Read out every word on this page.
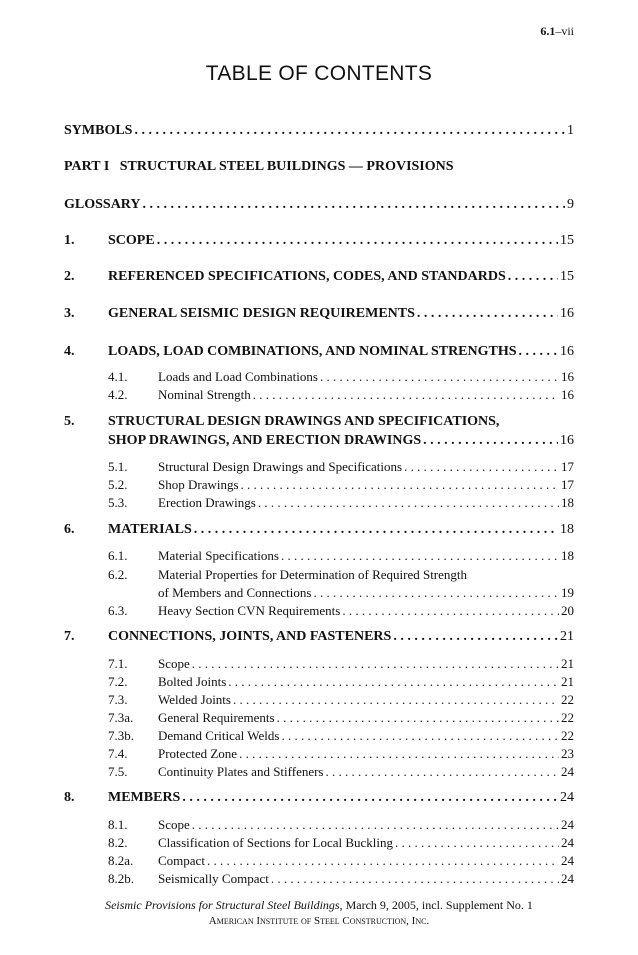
6.1–vii
TABLE OF CONTENTS
SYMBOLS . . .	1
PART I   STRUCTURAL STEEL BUILDINGS — PROVISIONS
GLOSSARY . . .	9
1. SCOPE . . .	15
2. REFERENCED SPECIFICATIONS, CODES, AND STANDARDS . . .	15
3. GENERAL SEISMIC DESIGN REQUIREMENTS . . .	16
4. LOADS, LOAD COMBINATIONS, AND NOMINAL STRENGTHS . . .	16
4.1. Loads and Load Combinations . . .	16
4.2. Nominal Strength . . .	16
5. STRUCTURAL DESIGN DRAWINGS AND SPECIFICATIONS,
SHOP DRAWINGS, AND ERECTION DRAWINGS . . .	16
5.1. Structural Design Drawings and Specifications . . .	17
5.2. Shop Drawings . . .	17
5.3. Erection Drawings . . .	18
6. MATERIALS . . .	18
6.1. Material Specifications . . .	18
6.2. Material Properties for Determination of Required Strength
of Members and Connections . . .	19
6.3. Heavy Section CVN Requirements . . .	20
7. CONNECTIONS, JOINTS, AND FASTENERS . . .	21
7.1. Scope . . .	21
7.2. Bolted Joints . . .	21
7.3. Welded Joints . . .	22
7.3a. General Requirements . . .	22
7.3b. Demand Critical Welds . . .	22
7.4. Protected Zone . . .	23
7.5. Continuity Plates and Stiffeners . . .	24
8. MEMBERS . . .	24
8.1. Scope . . .	24
8.2. Classification of Sections for Local Buckling . . .	24
8.2a. Compact . . .	24
8.2b. Seismically Compact . . .	24
Seismic Provisions for Structural Steel Buildings, March 9, 2005, incl. Supplement No. 1
American Institute of Steel Construction, Inc.
